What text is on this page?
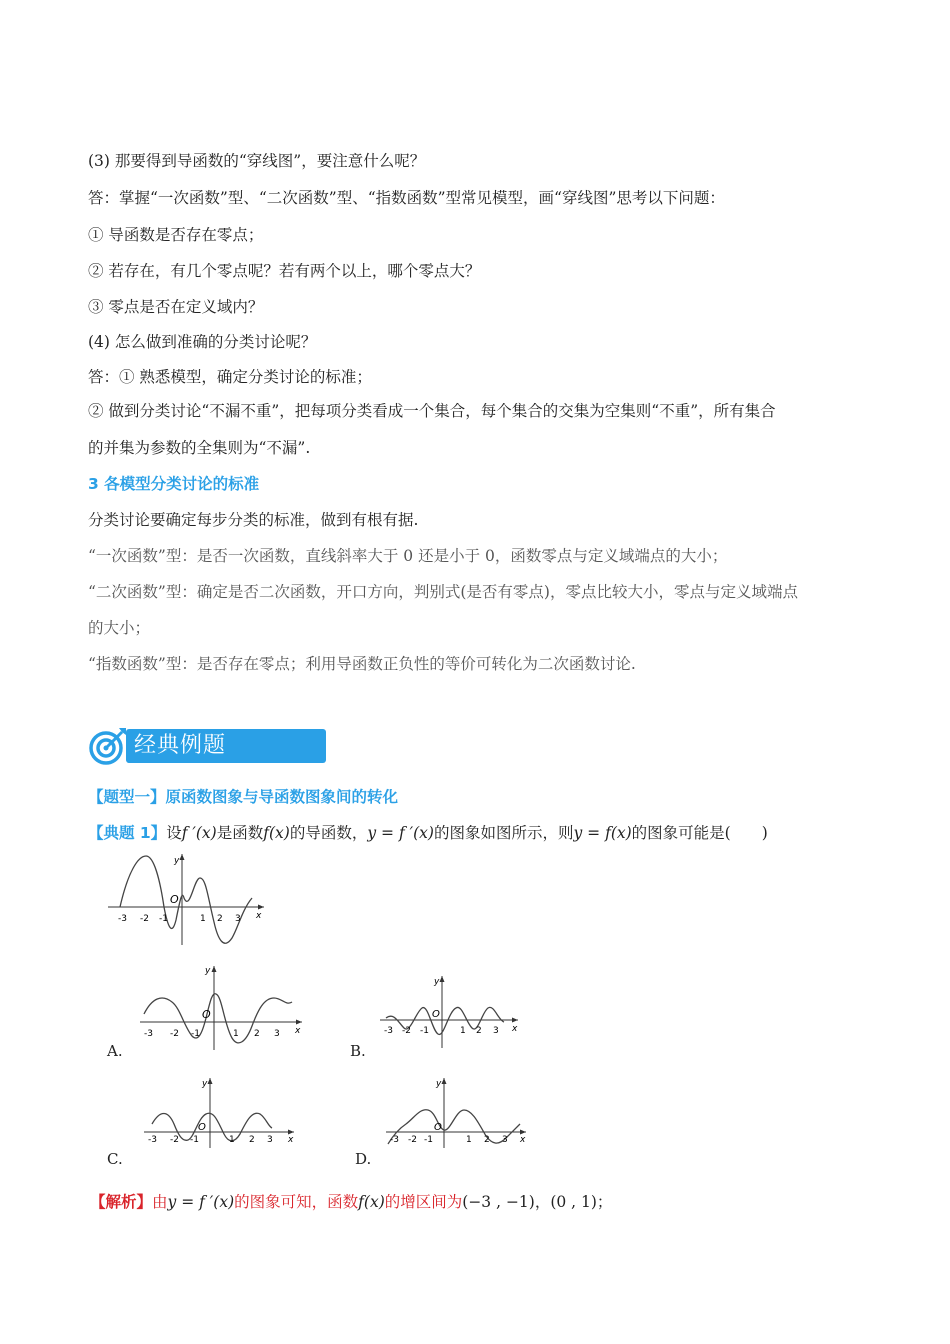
(3) 那要得到导函数的“穿线图”，要注意什么呢？
答：掌握“一次函数”型、“二次函数”型、“指数函数”型常见模型，画“穿线图”思考以下问题：
① 导函数是否存在零点；
② 若存在，有几个零点呢？若有两个以上，哪个零点大？
③ 零点是否在定义域内？
(4) 怎么做到准确的分类讨论呢？
答：① 熟悉模型，确定分类讨论的标准；
② 做到分类讨论“不漏不重”，把每项分类看成一个集合，每个集合的交集为空集则“不重”，所有集合
的并集为参数的全集则为“不漏”.
3 各模型分类讨论的标准
分类讨论要确定每步分类的标准，做到有根有据.
“一次函数”型：是否一次函数，直线斜率大于 0 还是小于 0，函数零点与定义域端点的大小；
“二次函数”型：确定是否二次函数，开口方向，判别式(是否有零点)，零点比较大小，零点与定义域端点
的大小；
“指数函数”型：是否存在零点；利用导函数正负性的等价可转化为二次函数讨论.
经典例题
【题型一】原函数图象与导函数图象间的转化
【典题 1】设f ′(x)是函数f(x)的导函数，y = f ′(x)的图象如图所示，则y = f(x)的图象可能是(　　)
-3 -2 -1	1 2 3
O
x
y
-3 -2 -1	1 2 3
O
x
y
A.
-3 -2 -1	1 2 3
O
x
y
B.
-3 -2 -1	1 2 3
O
x
y
C.
-3 -2 -1	1 2 3
O
x
y
D.
【解析】由y = f ′(x)的图象可知，函数f(x)的增区间为(−3 , −1)，(0 , 1)；
